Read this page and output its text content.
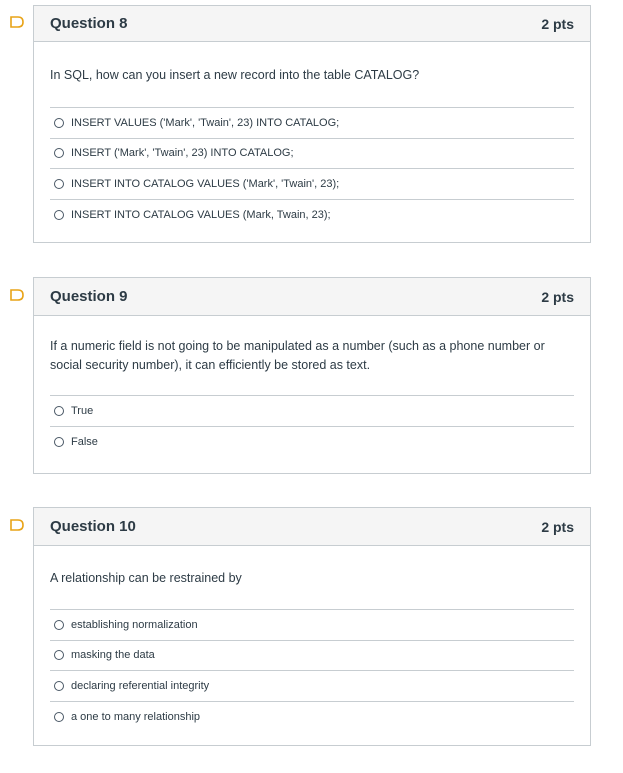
Question 8	2 pts

In SQL, how can you insert a new record into the table CATALOG?

INSERT VALUES ('Mark', 'Twain', 23) INTO CATALOG;
INSERT ('Mark', 'Twain', 23) INTO CATALOG;
INSERT INTO CATALOG VALUES ('Mark', 'Twain', 23);
INSERT INTO CATALOG VALUES (Mark, Twain, 23);
Question 9	2 pts

If a numeric field is not going to be manipulated as a number (such as a phone number or social security number), it can efficiently be stored as text.

True
False
Question 10	2 pts

A relationship can be restrained by

establishing normalization
masking the data
declaring referential integrity
a one to many relationship
